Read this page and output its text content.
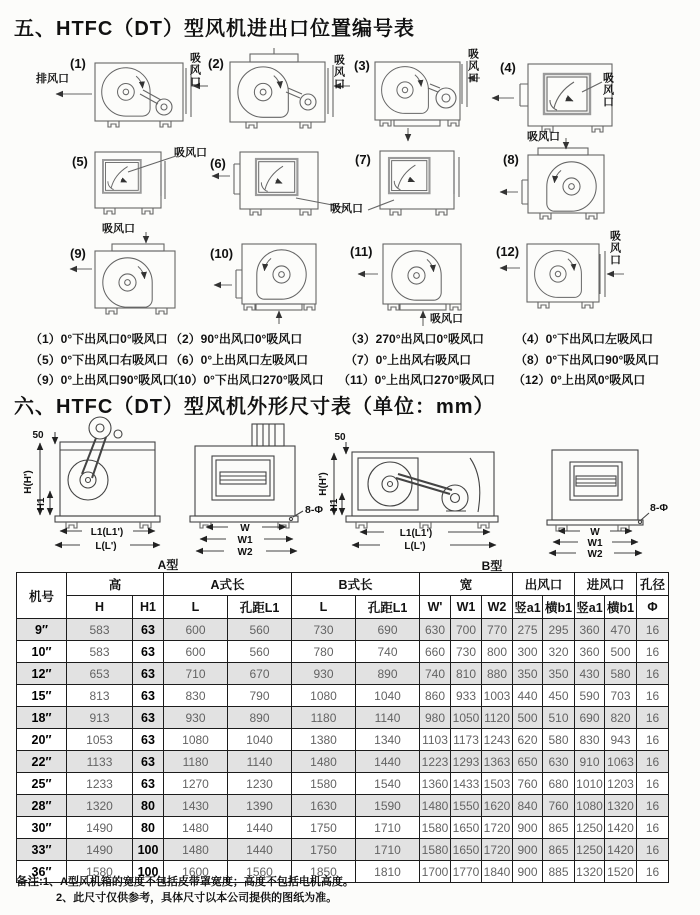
五、HTFC（DT）型风机进出口位置编号表
(1)	(2)	(3)	(4)
(5)	(6)	(7)	(8)
(9)	(10)	(11)	(12)
排风口	吸风口	吸风口	吸风口
吸风口
吸风口
吸风口
吸风口
吸风口
吸风口
吸风口
（1）0°下出风口0°吸风口 （2）90°出风口0°吸风口	（3）270°出风口0°吸风口	（4）0°下出风口左吸风口
（5）0°下出风口右吸风口 （6）0°上出风口左吸风口	（7）0°上出风右吸风口	（8）0°下出风口90°吸风口
（9）0°上出风口90°吸风口
（10）0°下出风口270°吸风口 （11）0°上出风口270°吸风口 （12）0°上出风0°吸风口
六、HTFC（DT）型风机外形尺寸表（单位：mm）
50
H(H')
H1
L1(L1')
L(L')
8-Φ
W
W1
W2
A型
50
H(H')
H1
L1(L1')
L(L')
8-Φ
W
W1
W2
B型
机号	高		A式长		B式长		宽			出风口		进风口		孔径
	H	H1	L	孔距L1	L	孔距L1	W'	W1	W2	竖a1	横b1	竖a1	横b1	Φ
9″	583	63	600	560	730	690	630	700	770	275	295	360	470	16
10″	583	63	600	560	780	740	660	730	800	300	320	360	500	16
12″	653	63	710	670	930	890	740	810	880	350	350	430	580	16
15″	813	63	830	790	1080	1040	860	933	1003	440	450	590	703	16
18″	913	63	930	890	1180	1140	980	1050	1120	500	510	690	820	16
20″	1053	63	1080	1040	1380	1340	1103	1173	1243	620	580	830	943	16
22″	1133	63	1180	1140	1480	1440	1223	1293	1363	650	630	910	1063	16
25″	1233	63	1270	1230	1580	1540	1360	1433	1503	760	680	1010	1203	16
28″	1320	80	1430	1390	1630	1590	1480	1550	1620	840	760	1080	1320	16
30″	1490	80	1480	1440	1750	1710	1580	1650	1720	900	865	1250	1420	16
33″	1490	100	1480	1440	1750	1710	1580	1650	1720	900	865	1250	1420	16
36″	1580	100	1600	1560	1850	1810	1700	1770	1840	900	885	1320	1520	16
备注:1、A型风机箱的宽度不包括皮带罩宽度；高度不包括电机高度。
2、此尺寸仅供参考，具体尺寸以本公司提供的图纸为准。
